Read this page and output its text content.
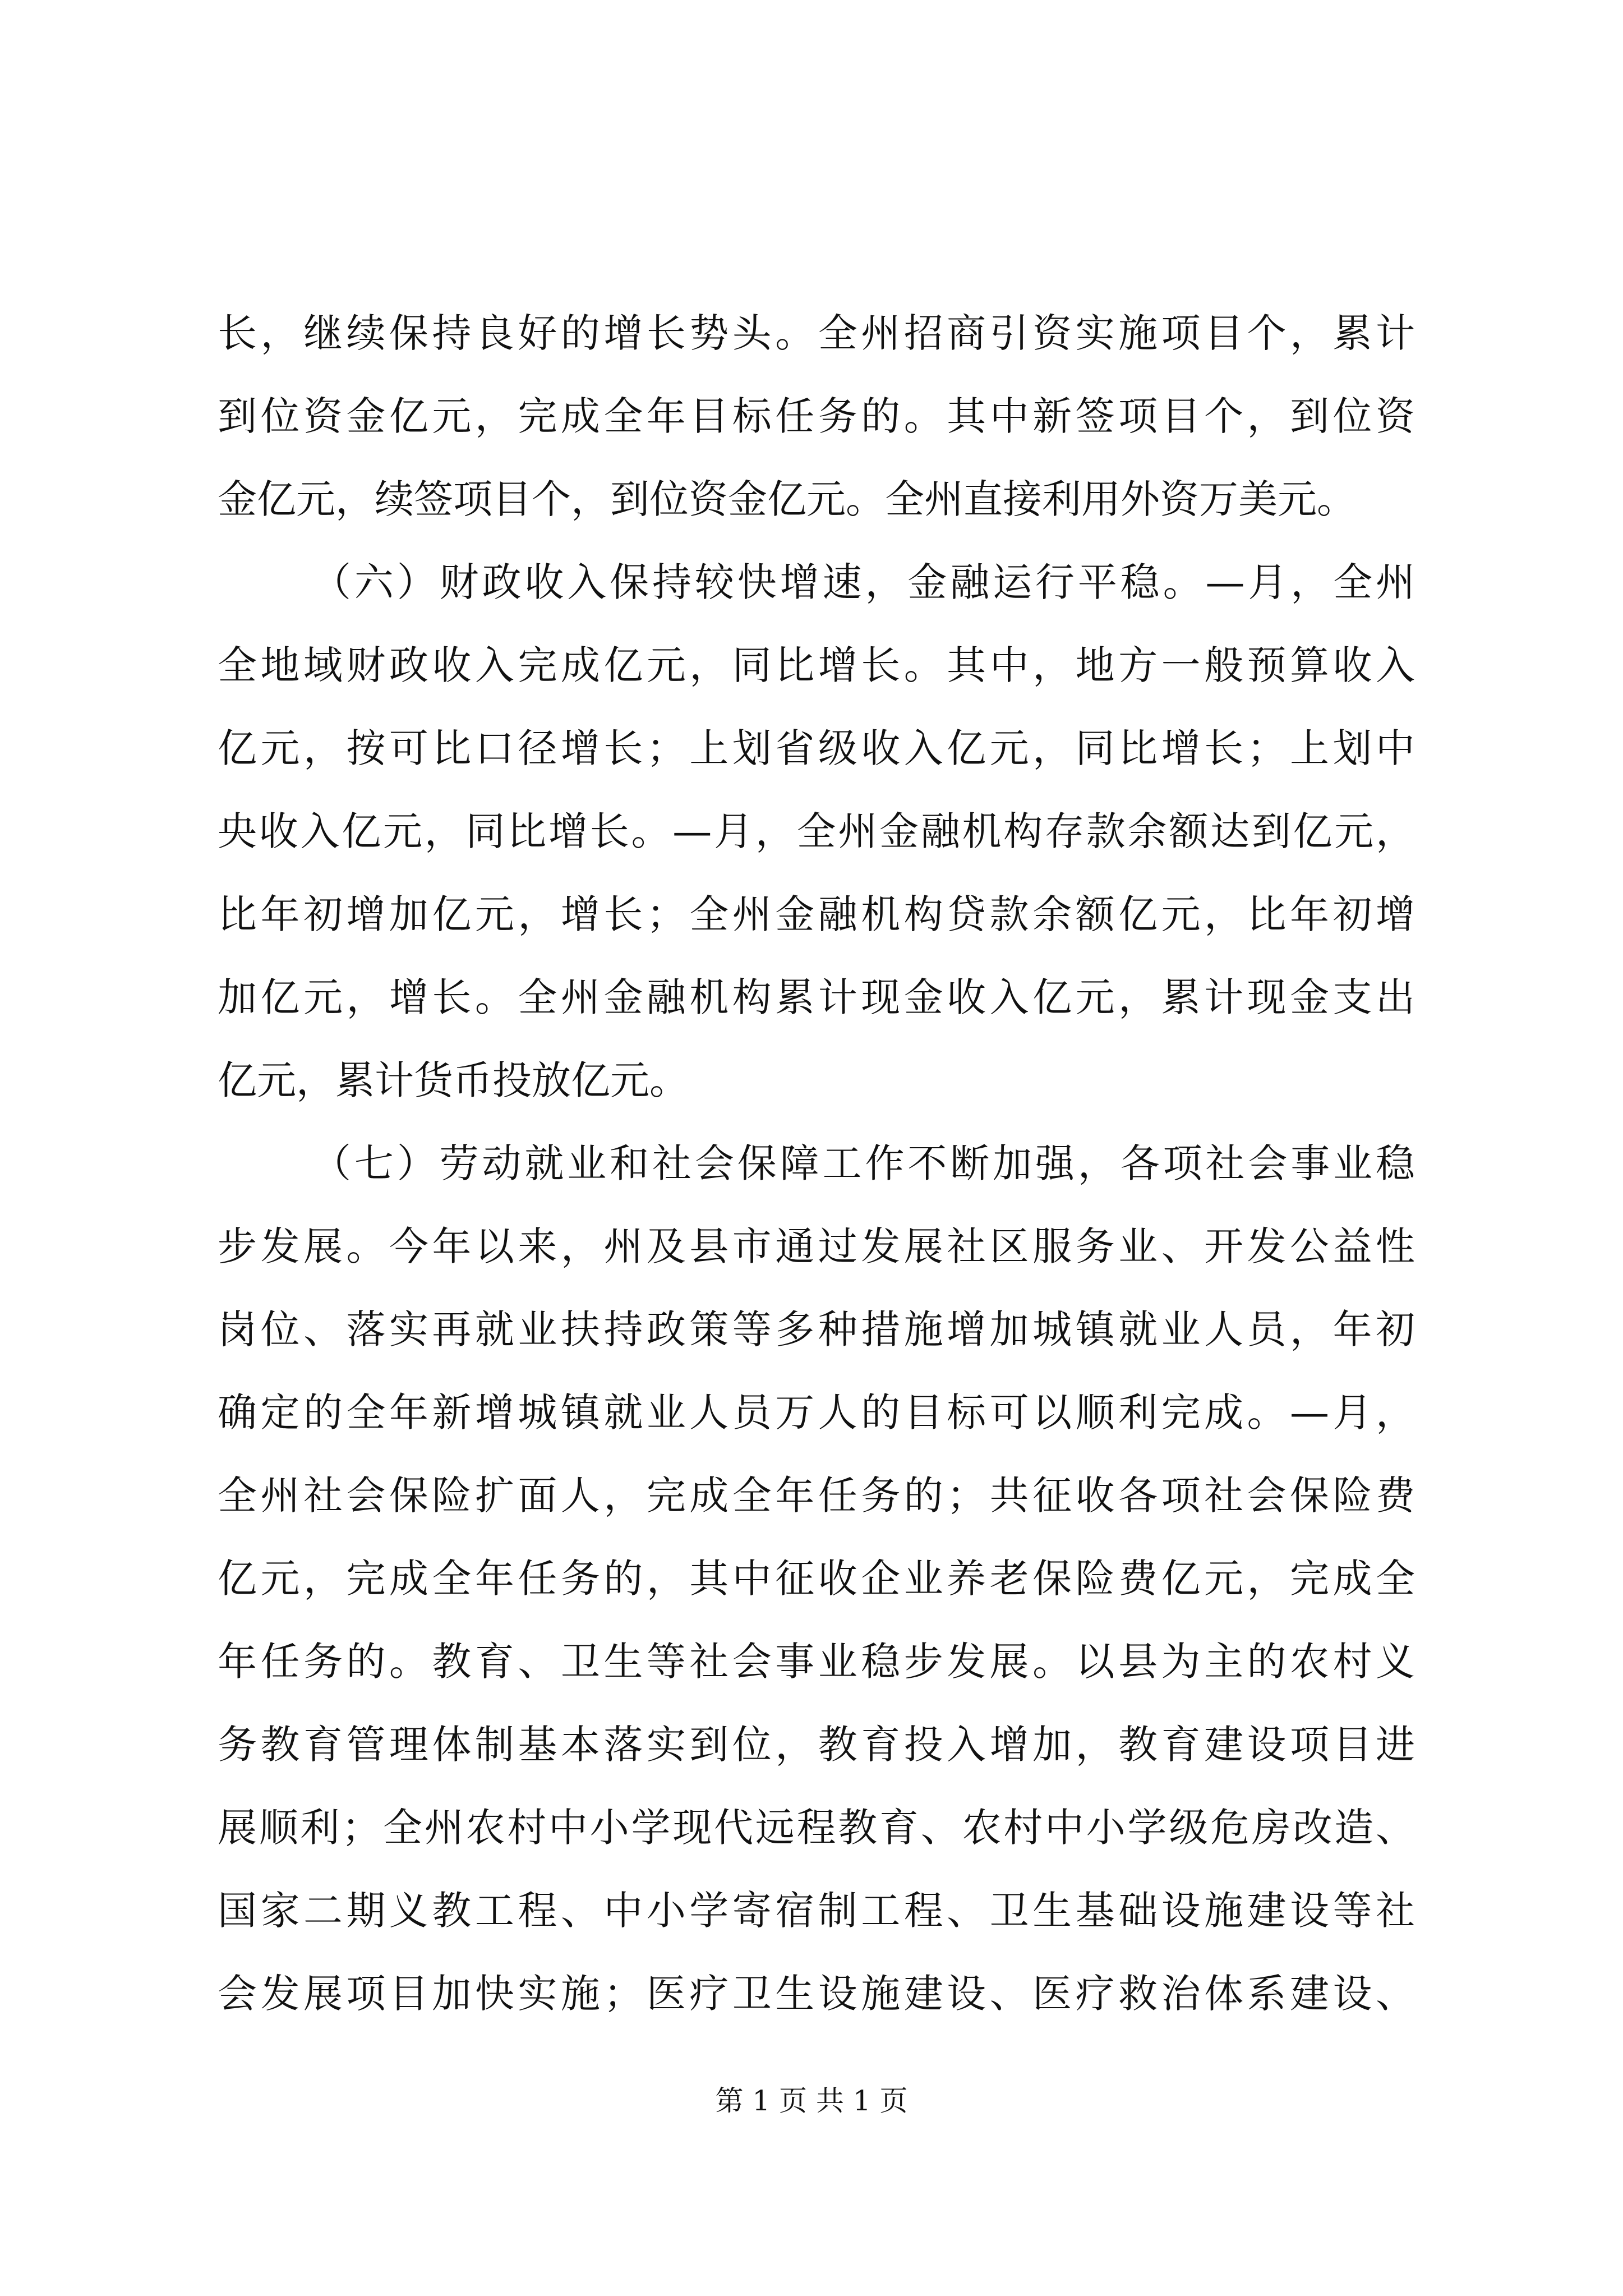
长，继续保持良好的增长势头。全州招商引资实施项目个，累计
到位资金亿元，完成全年目标任务的。其中新签项目个，到位资
金亿元，续签项目个，到位资金亿元。全州直接利用外资万美元。
（六）财政收入保持较快增速，金融运行平稳。—月，全州
全地域财政收入完成亿元，同比增长。其中，地方一般预算收入
亿元，按可比口径增长；上划省级收入亿元，同比增长；上划中
央收入亿元，同比增长。—月，全州金融机构存款余额达到亿元，
比年初增加亿元，增长；全州金融机构贷款余额亿元，比年初增
加亿元，增长。全州金融机构累计现金收入亿元，累计现金支出
亿元，累计货币投放亿元。
（七）劳动就业和社会保障工作不断加强，各项社会事业稳
步发展。今年以来，州及县市通过发展社区服务业、开发公益性
岗位、落实再就业扶持政策等多种措施增加城镇就业人员，年初
确定的全年新增城镇就业人员万人的目标可以顺利完成。—月，
全州社会保险扩面人，完成全年任务的；共征收各项社会保险费
亿元，完成全年任务的，其中征收企业养老保险费亿元，完成全
年任务的。教育、卫生等社会事业稳步发展。以县为主的农村义
务教育管理体制基本落实到位，教育投入增加，教育建设项目进
展顺利；全州农村中小学现代远程教育、农村中小学级危房改造、
国家二期义教工程、中小学寄宿制工程、卫生基础设施建设等社
会发展项目加快实施；医疗卫生设施建设、医疗救治体系建设、
第 1 页 共 1 页
